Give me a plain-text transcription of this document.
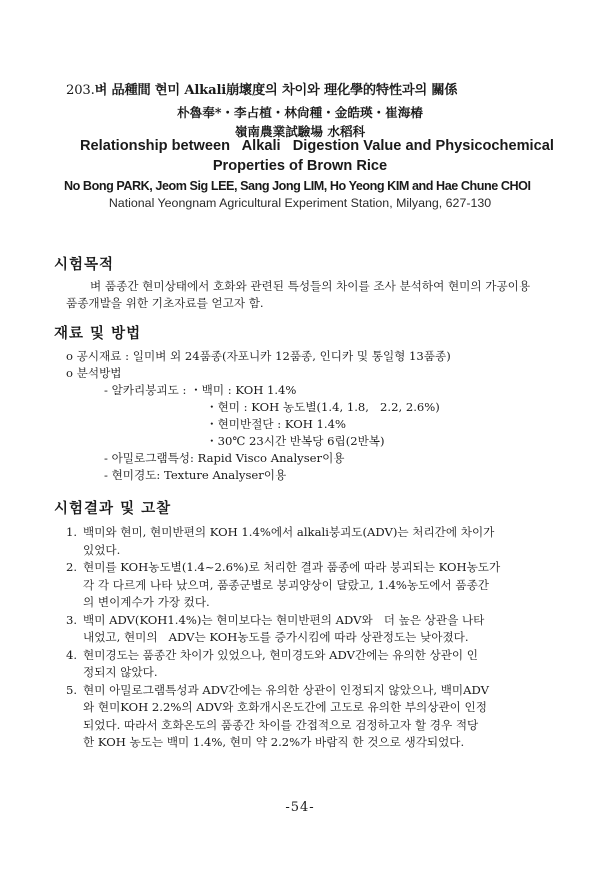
203.벼 品種間 현미 Alkali崩壞度의 차이와 理化學的特性과의 關係
朴魯奉*・李占植・林尙種・金皓瑛・崔海椿
嶺南農業試驗場 水稻科
Relationship between   Alkali   Digestion Value and Physicochemical
Properties of Brown Rice
No Bong PARK, Jeom Sig LEE, Sang Jong LIM, Ho Yeong KIM and Hae Chune CHOI
National Yeongnam Agricultural Experiment Station, Milyang, 627-130
시험목적
벼 품종간 현미상태에서 호화와 관련된 특성들의 차이를 조사 분석하여 현미의 가공이용
품종개발을 위한 기초자료를 얻고자 함.
재료 및 방법
o 공시재료 : 일미벼 외 24품종(자포니카 12품종, 인디카 및 통일형 13품종)
o 분석방법
- 알카리붕괴도 : ・백미 : KOH 1.4%
・현미 : KOH 농도별(1.4, 1.8,   2.2, 2.6%)
・현미반절단 : KOH 1.4%
・30℃ 23시간 반복당 6립(2반복)
- 아밀로그램특성: Rapid Visco Analyser이용
- 현미경도: Texture Analyser이용
시험결과 및 고찰
1. 백미와 현미, 현미반편의 KOH 1.4%에서 alkali붕괴도(ADV)는 처리간에 차이가
있었다.
2. 현미를 KOH농도별(1.4~2.6%)로 처리한 결과 품종에 따라 붕괴되는 KOH농도가
각 각 다르게 나타 났으며, 품종군별로 붕괴양상이 달랐고, 1.4%농도에서 품종간
의 변이계수가 가장 컸다.
3. 백미 ADV(KOH1.4%)는 현미보다는 현미반편의 ADV와   더 높은 상관을 나타
내었고, 현미의   ADV는 KOH농도를 증가시킴에 따라 상관정도는 낮아졌다.
4. 현미경도는 품종간 차이가 있었으나, 현미경도와 ADV간에는 유의한 상관이 인
정되지 않았다.
5. 현미 아밀로그램특성과 ADV간에는 유의한 상관이 인정되지 않았으나, 백미ADV
와 현미KOH 2.2%의 ADV와 호화개시온도간에 고도로 유의한 부의상관이 인정
되었다. 따라서 호화온도의 품종간 차이를 간접적으로 검정하고자 할 경우 적당
한 KOH 농도는 백미 1.4%, 현미 약 2.2%가 바람직 한 것으로 생각되었다.
-54-
